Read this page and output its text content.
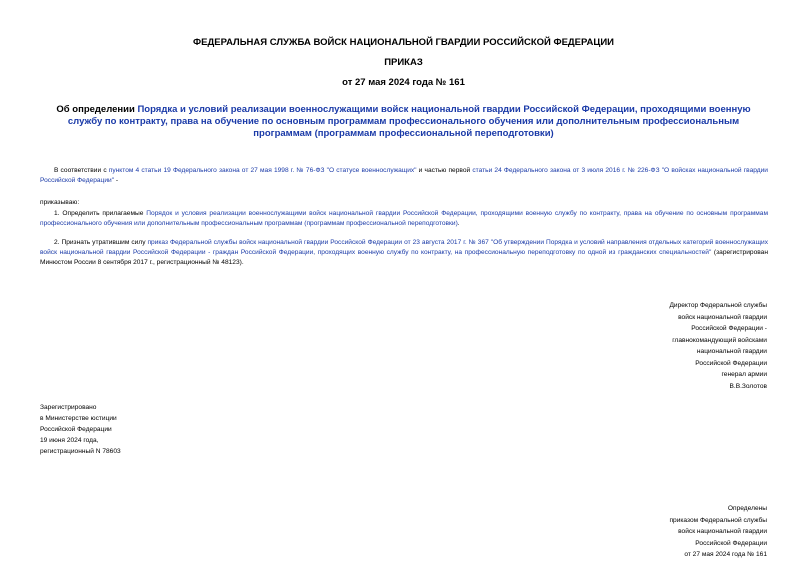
ФЕДЕРАЛЬНАЯ СЛУЖБА ВОЙСК НАЦИОНАЛЬНОЙ ГВАРДИИ РОССИЙСКОЙ ФЕДЕРАЦИИ
ПРИКАЗ
от 27 мая 2024 года № 161
Об определении Порядка и условий реализации военнослужащими войск национальной гвардии Российской Федерации, проходящими военную службу по контракту, права на обучение по основным программам профессионального обучения или дополнительным профессиональным программам (программам профессиональной переподготовки)
В соответствии с пунктом 4 статьи 19 Федерального закона от 27 мая 1998 г. № 76-ФЗ "О статусе военнослужащих" и частью первой статьи 24 Федерального закона от 3 июля 2016 г. № 226-ФЗ "О войсках национальной гвардии Российской Федерации" -
приказываю:
1. Определить прилагаемые Порядок и условия реализации военнослужащими войск национальной гвардии Российской Федерации, проходящими военную службу по контракту, права на обучение по основным программам профессионального обучения или дополнительным профессиональным программам (программам профессиональной переподготовки).
2. Признать утратившим силу приказ Федеральной службы войск национальной гвардии Российской Федерации от 23 августа 2017 г. № 367 "Об утверждении Порядка и условий направления отдельных категорий военнослужащих войск национальной гвардии Российской Федерации - граждан Российской Федерации, проходящих военную службу по контракту, на профессиональную переподготовку по одной из гражданских специальностей" (зарегистрирован Минюстом России 8 сентября 2017 г., регистрационный № 48123).
Директор Федеральной службы
войск национальной гвардии
Российской Федерации -
главнокомандующий войсками
национальной гвардии
Российской Федерации
генерал армии
В.В.Золотов
Зарегистрировано
в Министерстве юстиции
Российской Федерации
19 июня 2024 года,
регистрационный N 78603
Определены
приказом Федеральной службы
войск национальной гвардии
Российской Федерации
от 27 мая 2024 года № 161
